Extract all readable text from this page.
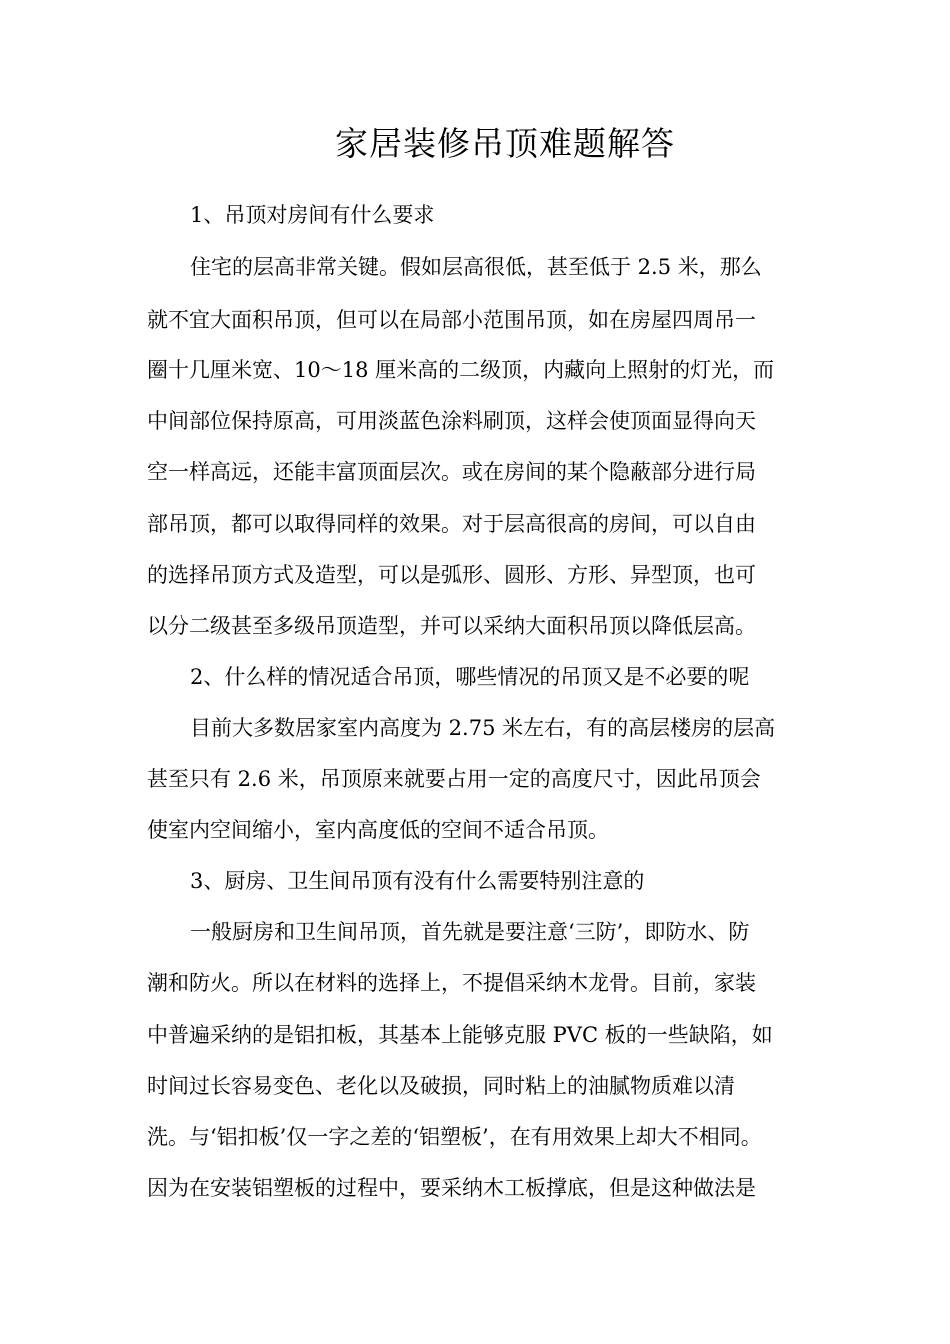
家居装修吊顶难题解答
1、吊顶对房间有什么要求
住宅的层高非常关键。假如层高很低，甚至低于 2.5 米，那么
就不宜大面积吊顶，但可以在局部小范围吊顶，如在房屋四周吊一
圈十几厘米宽、10～18 厘米高的二级顶，内藏向上照射的灯光，而
中间部位保持原高，可用淡蓝色涂料刷顶，这样会使顶面显得向天
空一样高远，还能丰富顶面层次。或在房间的某个隐蔽部分进行局
部吊顶，都可以取得同样的效果。对于层高很高的房间，可以自由
的选择吊顶方式及造型，可以是弧形、圆形、方形、异型顶，也可
以分二级甚至多级吊顶造型，并可以采纳大面积吊顶以降低层高。
2、什么样的情况适合吊顶，哪些情况的吊顶又是不必要的呢
目前大多数居家室内高度为 2.75 米左右，有的高层楼房的层高
甚至只有 2.6 米，吊顶原来就要占用一定的高度尺寸，因此吊顶会
使室内空间缩小，室内高度低的空间不适合吊顶。
3、厨房、卫生间吊顶有没有什么需要特别注意的
一般厨房和卫生间吊顶，首先就是要注意‘三防’，即防水、防
潮和防火。所以在材料的选择上，不提倡采纳木龙骨。目前，家装
中普遍采纳的是铝扣板，其基本上能够克服 PVC 板的一些缺陷，如
时间过长容易变色、老化以及破损，同时粘上的油腻物质难以清
洗。与‘铝扣板’仅一字之差的‘铝塑板’，在有用效果上却大不相同。
因为在安装铝塑板的过程中，要采纳木工板撑底，但是这种做法是
